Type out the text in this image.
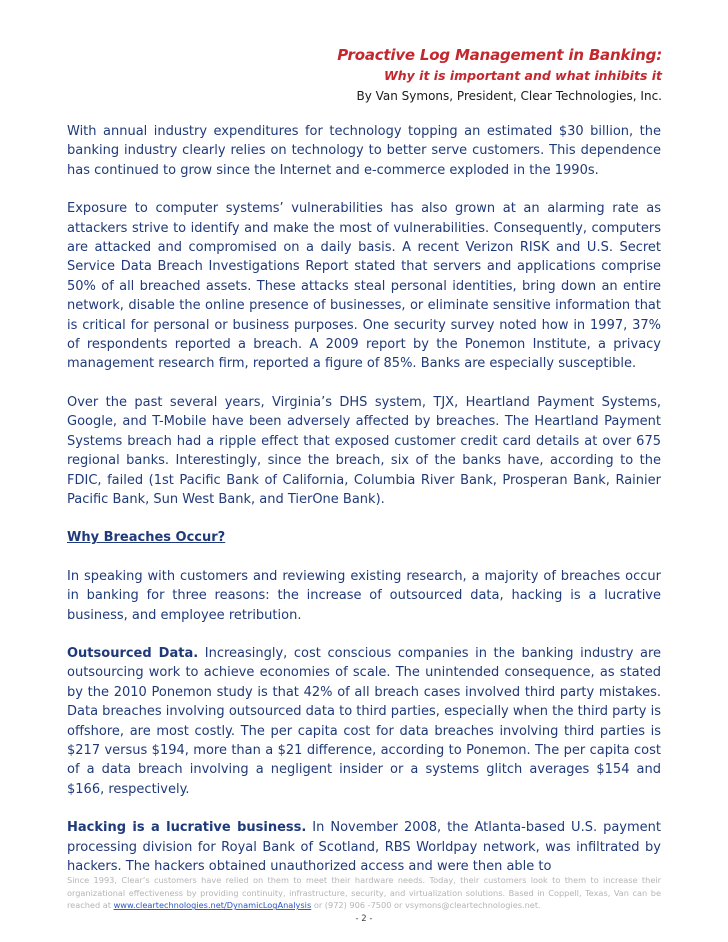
Proactive Log Management in Banking:
Why it is important and what inhibits it
By Van Symons, President, Clear Technologies, Inc.

With annual industry expenditures for technology topping an estimated $30 billion, the banking industry clearly relies on technology to better serve customers. This dependence has continued to grow since the Internet and e-commerce exploded in the 1990s.

Exposure to computer systems’ vulnerabilities has also grown at an alarming rate as attackers strive to identify and make the most of vulnerabilities. Consequently, computers are attacked and compromised on a daily basis. A recent Verizon RISK and U.S. Secret Service Data Breach Investigations Report stated that servers and applications comprise 50% of all breached assets. These attacks steal personal identities, bring down an entire network, disable the online presence of businesses, or eliminate sensitive information that is critical for personal or business purposes. One security survey noted how in 1997, 37% of respondents reported a breach. A 2009 report by the Ponemon Institute, a privacy management research firm, reported a figure of 85%. Banks are especially susceptible.

Over the past several years, Virginia’s DHS system, TJX, Heartland Payment Systems, Google, and T-Mobile have been adversely affected by breaches. The Heartland Payment Systems breach had a ripple effect that exposed customer credit card details at over 675 regional banks. Interestingly, since the breach, six of the banks have, according to the FDIC, failed (1st Pacific Bank of California, Columbia River Bank, Prosperan Bank, Rainier Pacific Bank, Sun West Bank, and TierOne Bank).

Why Breaches Occur?

In speaking with customers and reviewing existing research, a majority of breaches occur in banking for three reasons: the increase of outsourced data, hacking is a lucrative business, and employee retribution.

Outsourced Data. Increasingly, cost conscious companies in the banking industry are outsourcing work to achieve economies of scale. The unintended consequence, as stated by the 2010 Ponemon study is that 42% of all breach cases involved third party mistakes. Data breaches involving outsourced data to third parties, especially when the third party is offshore, are most costly. The per capita cost for data breaches involving third parties is $217 versus $194, more than a $21 difference, according to Ponemon. The per capita cost of a data breach involving a negligent insider or a systems glitch averages $154 and $166, respectively.

Hacking is a lucrative business. In November 2008, the Atlanta-based U.S. payment processing division for Royal Bank of Scotland, RBS Worldpay network, was infiltrated by hackers. The hackers obtained unauthorized access and were then able to

Since 1993, Clear’s customers have relied on them to meet their hardware needs. Today, their customers look to them to increase their organizational effectiveness by providing continuity, infrastructure, security, and virtualization solutions. Based in Coppell, Texas, Van can be reached at www.cleartechnologies.net/DynamicLogAnalysis or (972) 906 -7500 or vsymons@cleartechnologies.net.
- 2 -
